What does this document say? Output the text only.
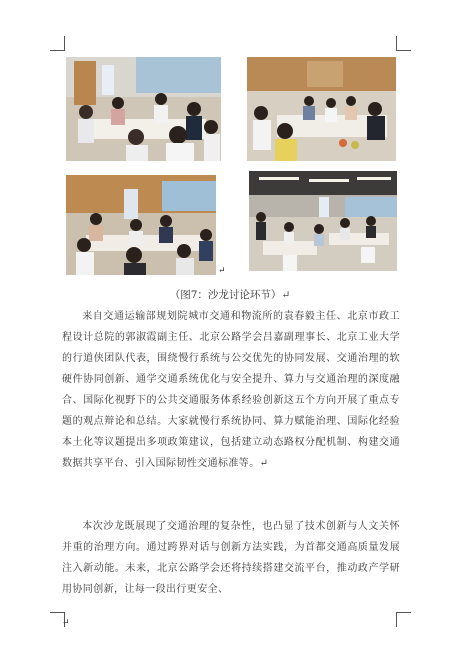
↵
（图7：沙龙讨论环节）↵
来自交通运输部规划院城市交通和物流所的袁春毅主任、北京市政工程设计总院的郭淑霞副主任、北京公路学会吕嘉副理事长、北京工业大学的行道侠团队代表，围绕慢行系统与公交优先的协同发展、交通治理的软硬件协同创新、通学交通系统优化与安全提升、算力与交通治理的深度融合、国际化视野下的公共交通服务体系经验创新这五个方向开展了重点专题的观点辩论和总结。大家就慢行系统协同、算力赋能治理、国际化经验本土化等议题提出多项政策建议，包括建立动态路权分配机制、构建交通数据共享平台、引入国际韧性交通标准等。↵
本次沙龙既展现了交通治理的复杂性，也凸显了技术创新与人文关怀并重的治理方向。通过跨界对话与创新方法实践，为首都交通高质量发展注入新动能。未来，北京公路学会还将持续搭建交流平台，推动政产学研用协同创新，让每一段出行更安全、
↵
